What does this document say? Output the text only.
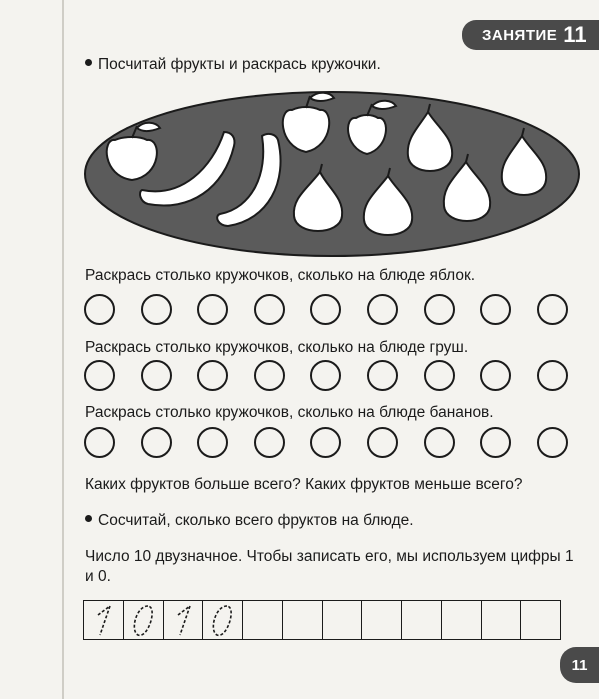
ЗАНЯТИЕ 11
Посчитай фрукты и раскрась кружочки.
Раскрась столько кружочков, сколько на блюде яблок.
Раскрась столько кружочков, сколько на блюде груш.
Раскрась столько кружочков, сколько на блюде бананов.
Каких фруктов больше всего? Каких фруктов меньше всего?
Сосчитай, сколько всего фруктов на блюде.
Число 10 двузначное. Чтобы записать его, мы используем цифры 1 и 0.
11
